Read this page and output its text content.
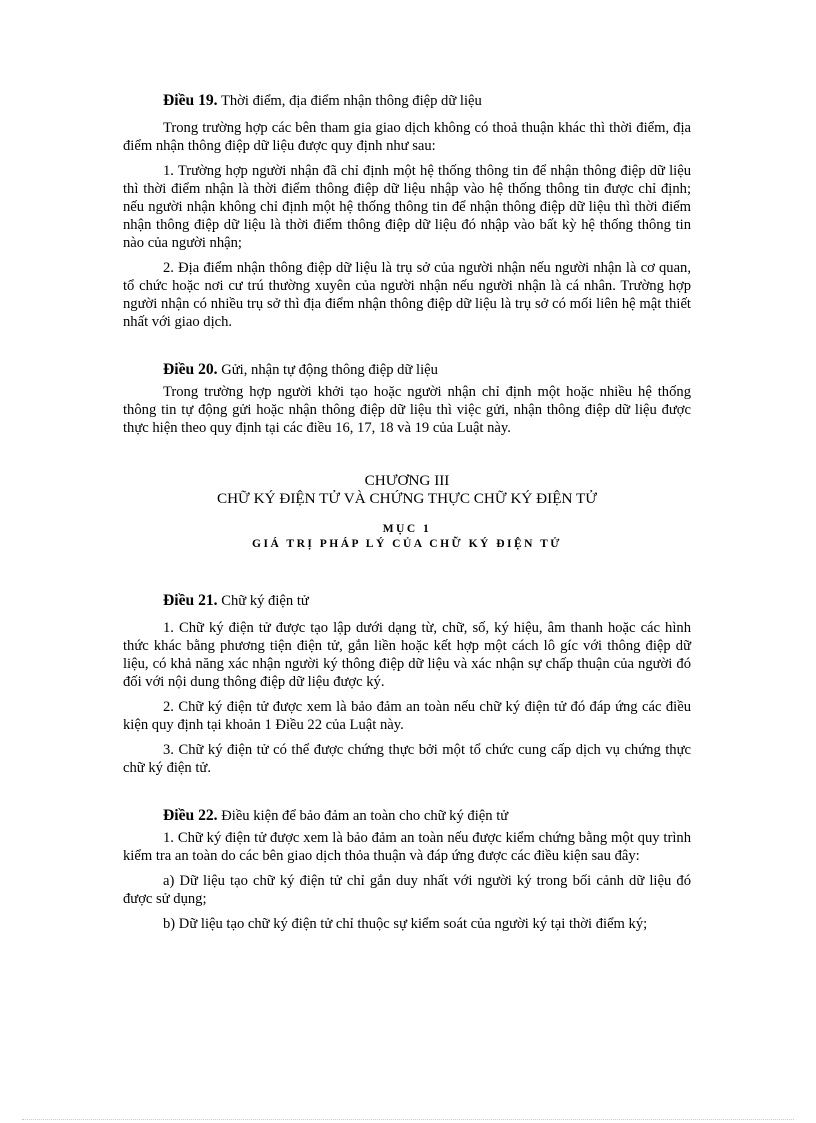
Điều 19. Thời điểm, địa điểm nhận thông điệp dữ liệu

Trong trường hợp các bên tham gia giao dịch không có thoả thuận khác thì thời điểm, địa điểm nhận thông điệp dữ liệu được quy định như sau:

1. Trường hợp người nhận đã chỉ định một hệ thống thông tin để nhận thông điệp dữ liệu thì thời điểm nhận là thời điểm thông điệp dữ liệu nhập vào hệ thống thông tin được chỉ định; nếu người nhận không chỉ định một hệ thống thông tin để nhận thông điệp dữ liệu thì thời điểm nhận thông điệp dữ liệu là thời điểm thông điệp dữ liệu đó nhập vào bất kỳ hệ thống thông tin nào của người nhận;

2. Địa điểm nhận thông điệp dữ liệu là trụ sở của người nhận nếu người nhận là cơ quan, tổ chức hoặc nơi cư trú thường xuyên của người nhận nếu người nhận là cá nhân. Trường hợp người nhận có nhiều trụ sở thì địa điểm nhận thông điệp dữ liệu là trụ sở có mối liên hệ mật thiết nhất với giao dịch.

Điều 20. Gửi, nhận tự động thông điệp dữ liệu

Trong trường hợp người khởi tạo hoặc người nhận chỉ định một hoặc nhiều hệ thống thông tin tự động gửi hoặc nhận thông điệp dữ liệu thì việc gửi, nhận thông điệp dữ liệu được thực hiện theo quy định tại các điều 16, 17, 18 và 19 của Luật này.

CHƯƠNG III
CHỮ KÝ ĐIỆN TỬ VÀ CHỨNG THỰC CHỮ KÝ ĐIỆN TỬ
MỤC 1
GIÁ TRỊ PHÁP LÝ CỦA CHỮ KÝ ĐIỆN TỬ

Điều 21. Chữ ký điện tử

1. Chữ ký điện tử được tạo lập dưới dạng từ, chữ, số, ký hiệu, âm thanh hoặc các hình thức khác bằng phương tiện điện tử, gắn liền hoặc kết hợp một cách lô gíc với thông điệp dữ liệu, có khả năng xác nhận người ký thông điệp dữ liệu và xác nhận sự chấp thuận của người đó đối với nội dung thông điệp dữ liệu được ký.

2. Chữ ký điện tử được xem là bảo đảm an toàn nếu chữ ký điện tử đó đáp ứng các điều kiện quy định tại khoản 1 Điều 22 của Luật này.

3. Chữ ký điện tử có thể được chứng thực bởi một tổ chức cung cấp dịch vụ chứng thực chữ ký điện tử.

Điều 22. Điều kiện để bảo đảm an toàn cho chữ ký điện tử

1. Chữ ký điện tử được xem là bảo đảm an toàn nếu được kiểm chứng bằng một quy trình kiểm tra an toàn do các bên giao dịch thỏa thuận và đáp ứng được các điều kiện sau đây:

a) Dữ liệu tạo chữ ký điện tử chỉ gắn duy nhất với người ký trong bối cảnh dữ liệu đó được sử dụng;

b) Dữ liệu tạo chữ ký điện tử chỉ thuộc sự kiểm soát của người ký tại thời điểm ký;
